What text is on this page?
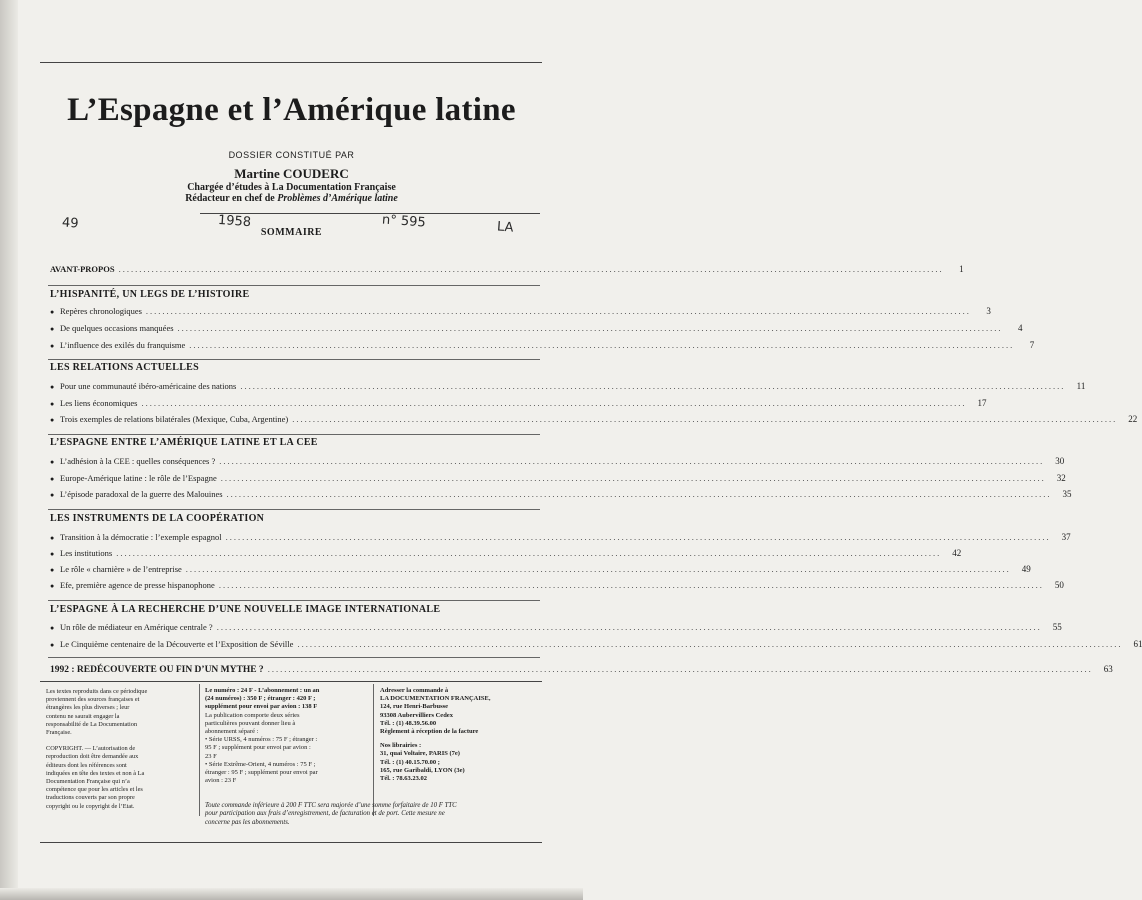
L’Espagne et l’Amérique latine
DOSSIER CONSTITUÉ PAR
Martine COUDERC
Chargée d’études à La Documentation Française
Rédacteur en chef de Problèmes d’Amérique latine
49	1958	n° 595	LA
SOMMAIRE
AVANT-PROPOS ........................................................................................................................................................................................................	1
L’HISPANITÉ, UN LEGS DE L’HISTOIRE
● Repères chronologiques ........................................................................................................................................................................................................	3
● De quelques occasions manquées ........................................................................................................................................................................................................	4
● L’influence des exilés du franquisme ........................................................................................................................................................................................................	7
LES RELATIONS ACTUELLES
● Pour une communauté ibéro-américaine des nations ........................................................................................................................................................................................................	11
● Les liens économiques ........................................................................................................................................................................................................	17
● Trois exemples de relations bilatérales (Mexique, Cuba, Argentine) ........................................................................................................................................................................................................	22
L’ESPAGNE ENTRE L’AMÉRIQUE LATINE ET LA CEE
● L’adhésion à la CEE : quelles conséquences ? ........................................................................................................................................................................................................	30
● Europe-Amérique latine : le rôle de l’Espagne ........................................................................................................................................................................................................	32
● L’épisode paradoxal de la guerre des Malouines ........................................................................................................................................................................................................	35
LES INSTRUMENTS DE LA COOPÉRATION
● Transition à la démocratie : l’exemple espagnol ........................................................................................................................................................................................................	37
● Les institutions ........................................................................................................................................................................................................	42
● Le rôle « charnière » de l’entreprise ........................................................................................................................................................................................................	49
● Efe, première agence de presse hispanophone ........................................................................................................................................................................................................	50
L’ESPAGNE À LA RECHERCHE D’UNE NOUVELLE IMAGE INTERNATIONALE
● Un rôle de médiateur en Amérique centrale ? ........................................................................................................................................................................................................	55
● Le Cinquième centenaire de la Découverte et l’Exposition de Séville ........................................................................................................................................................................................................	61
1992 : REDÉCOUVERTE OU FIN D’UN MYTHE ? ........................................................................................................................................................................................................	63

Les textes reproduits dans ce périodique
proviennent des sources françaises et
étrangères les plus diverses ; leur
contenu ne saurait engager la
responsabilité de La Documentation
Française.

COPYRIGHT. — L’autorisation de
reproduction doit être demandée aux
éditeurs dont les références sont
indiquées en tête des textes et non à La
Documentation Française qui n’a
compétence que pour les articles et les
traductions couverts par son propre
copyright ou le copyright de l’Etat.

Le numéro : 24 F - L’abonnement : un an
(24 numéros) : 350 F ; étranger : 420 F ;
supplément pour envoi par avion : 138 F
La publication comporte deux séries
particulières pouvant donner lieu à
abonnement séparé :
• Série URSS, 4 numéros : 75 F ; étranger :
95 F ; supplément pour envoi par avion :
23 F
• Série Extrême-Orient, 4 numéros : 75 F ;
étranger : 95 F ; supplément pour envoi par
avion : 23 F
Adresser la commande à
LA DOCUMENTATION FRANÇAISE,
124, rue Henri-Barbusse
93308 Aubervilliers Cedex
Tél. : (1) 48.39.56.00
Règlement à réception de la facture
Nos librairies :
31, quai Voltaire, PARIS (7e)
Tél. : (1) 40.15.70.00 ;
165, rue Garibaldi, LYON (3e)
Tél. : 78.63.23.02
Toute commande inférieure à 200 F TTC sera majorée d’une somme forfaitaire de 10 F TTC
pour participation aux frais d’enregistrement, de facturation et de port. Cette mesure ne
concerne pas les abonnements.
